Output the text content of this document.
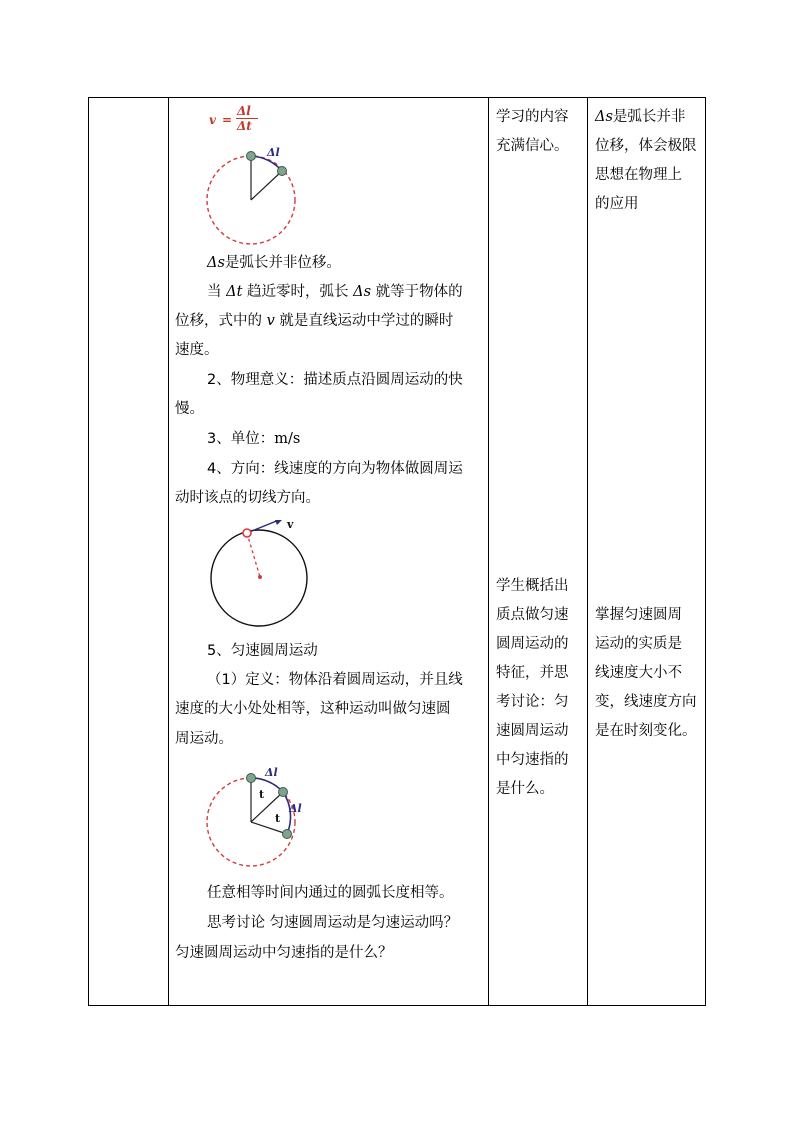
v =
Δl
Δt
Δl
Δs是弧长并非位移。
当 Δt 趋近零时，弧长 Δs 就等于物体的
位移，式中的 v 就是直线运动中学过的瞬时
速度。
2、物理意义：描述质点沿圆周运动的快
慢。
3、单位：m/s
4、方向：线速度的方向为物体做圆周运
动时该点的切线方向。
v
5、匀速圆周运动
（1）定义：物体沿着圆周运动，并且线
速度的大小处处相等，这种运动叫做匀速圆
周运动。
Δl
Δl
t
t
任意相等时间内通过的圆弧长度相等。
思考讨论 匀速圆周运动是匀速运动吗？
匀速圆周运动中匀速指的是什么？
学习的内容
充满信心。
学生概括出
质点做匀速
圆周运动的
特征，并思
考讨论：匀
速圆周运动
中匀速指的
是什么。
Δs是弧长并非
位移，体会极限
思想在物理上
的应用
掌握匀速圆周
运动的实质是
线速度大小不
变，线速度方向
是在时刻变化。
